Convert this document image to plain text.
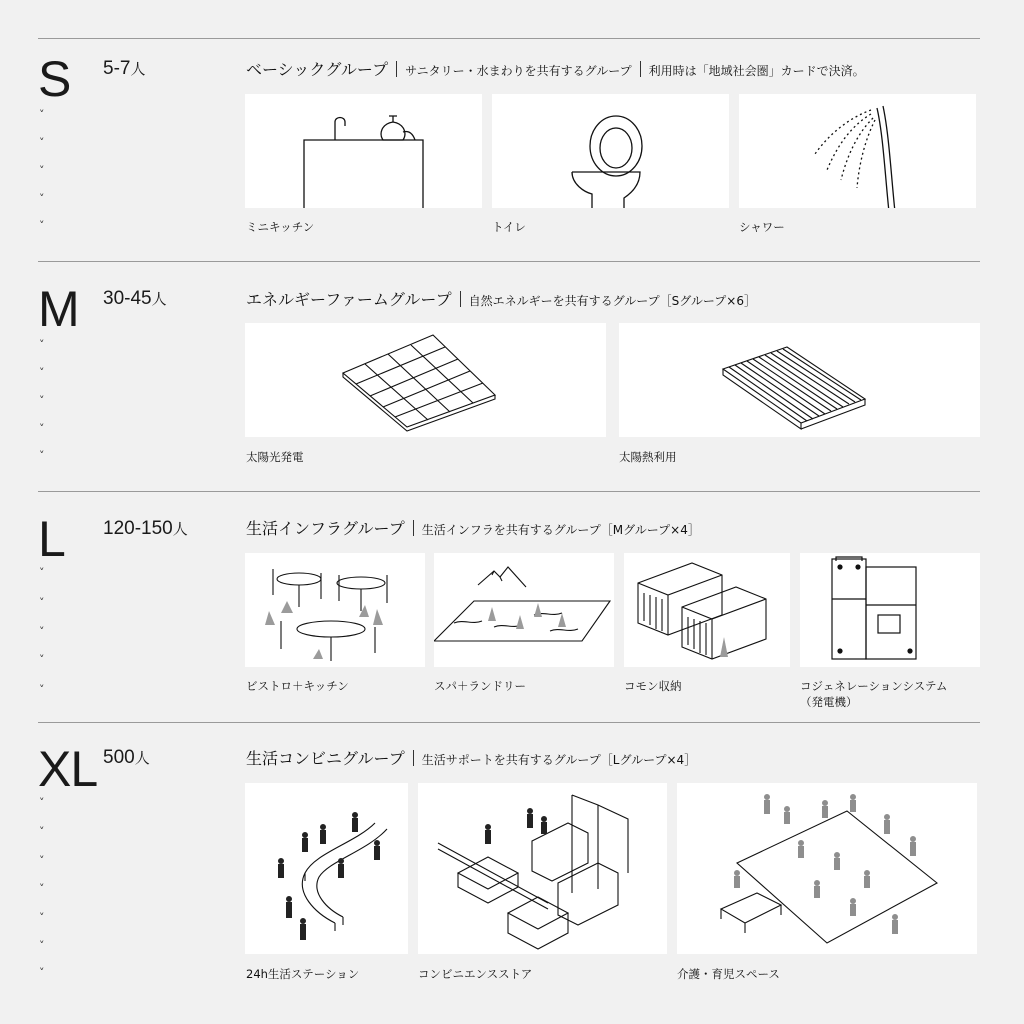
S 5-7人
˅
˅
˅
˅
˅
ベーシックグループ サニタリー・水まわりを共有するグループ 利用時は「地域社会圏」カードで決済。
ミニキッチン	トイレ	シャワー
M 30-45人
˅
˅
˅
˅
˅
エネルギーファームグループ 自然エネルギーを共有するグループ［Sグループ×6］
太陽光発電	太陽熱利用
L 120-150人
˅
˅
˅
˅
˅
生活インフラグループ 生活インフラを共有するグループ［Mグループ×4］
ビストロ＋キッチン	スパ＋ランドリー	コモン収納	コジェネレーションシステム
（発電機）
XL 500人
˅
˅
˅
˅
˅
˅
˅
生活コンビニグループ 生活サポートを共有するグループ［Lグループ×4］
24h生活ステーション	コンビニエンスストア	介護・育児スペース
